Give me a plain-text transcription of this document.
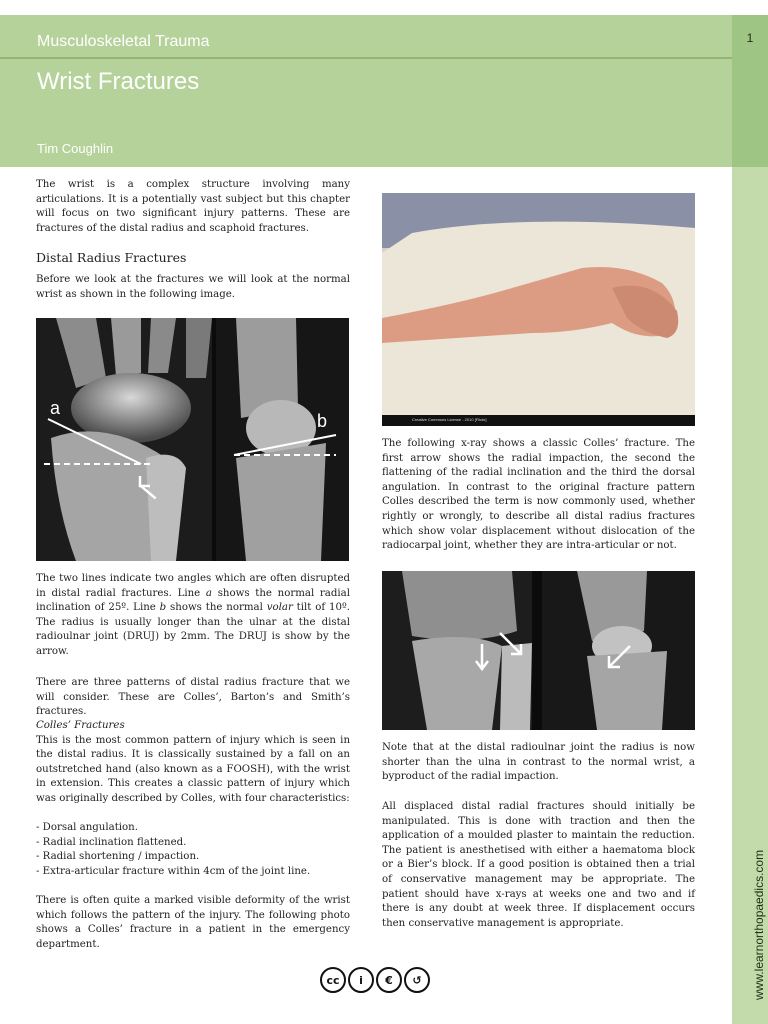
Musculoskeletal Trauma
Wrist Fractures
Tim Coughlin
1
www.learnorthopaedics.com

The wrist is a complex structure involving many articulations. It is a potentially vast subject but this chapter will focus on two significant injury patterns. These are fractures of the distal radius and scaphoid fractures.

Distal Radius Fractures

Before we look at the fractures we will look at the normal wrist as shown in the following image.

a
b

The two lines indicate two angles which are often disrupted in distal radial fractures. Line a shows the normal radial inclination of 25º. Line b shows the normal volar tilt of 10º. The radius is usually longer than the ulnar at the distal radioulnar joint (DRUJ) by 2mm. The DRUJ is show by the arrow.

There are three patterns of distal radius fracture that we will consider. These are Colles’, Barton’s and Smith’s fractures.

Colles’ Fractures

This is the most common pattern of injury which is seen in the distal radius. It is classically sustained by a fall on an outstretched hand (also known as a FOOSH), with the wrist in extension. This creates a classic pattern of injury which was originally described by Colles, with four characteristics:

- Dorsal angulation.

- Radial inclination flattened.

- Radial shortening / impaction.

- Extra-articular fracture within 4cm of the joint line.

There is often quite a marked visible deformity of the wrist which follows the pattern of the injury. The following photo shows a Colles’ fracture in a patient in the emergency department.

Creative Commons License - 2010 [Flickr]

The following x-ray shows a classic Colles’ fracture. The first arrow shows the radial impaction, the second the flattening of the radial inclination and the third the dorsal angulation. In contrast to the original fracture pattern Colles described the term is now commonly used, whether rightly or wrongly, to describe all distal radius fractures which show volar displacement without dislocation of the radiocarpal joint, whether they are intra-articular or not.

Note that at the distal radioulnar joint the radius is now shorter than the ulna in contrast to the normal wrist, a byproduct of the radial impaction.

All displaced distal radial fractures should initially be manipulated. This is done with traction and then the application of a moulded plaster to maintain the reduction. The patient is anesthetised with either a haematoma block or a Bier’s block. If a good position is obtained then a trial of conservative management may be appropriate. The patient should have x-rays at weeks one and two and if there is any doubt at week three. If displacement occurs then conservative management is appropriate.

cc	i	€	↺
